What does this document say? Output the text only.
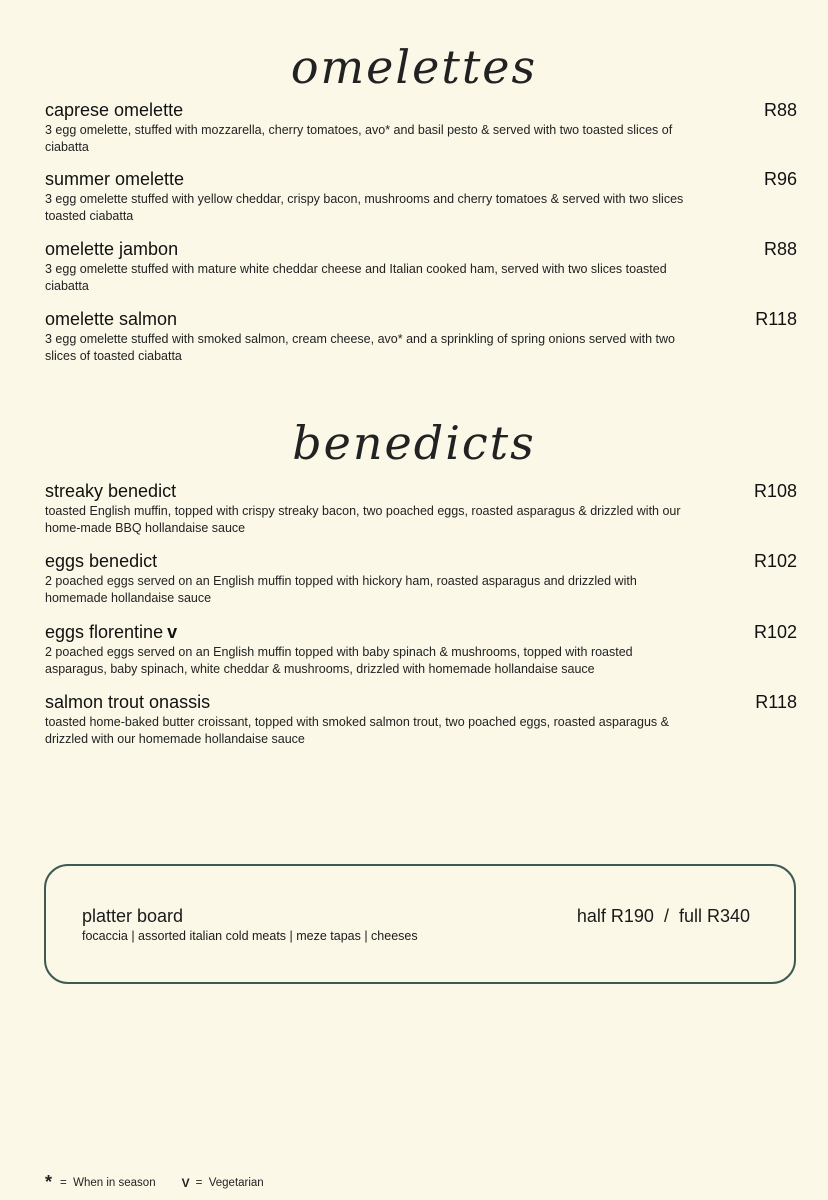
omelettes
caprese omelette	R88
3 egg omelette, stuffed with mozzarella, cherry tomatoes, avo* and basil pesto & served with two toasted slices of ciabatta
summer omelette	R96
3 egg omelette stuffed with yellow cheddar, crispy bacon, mushrooms and cherry tomatoes & served with two slices toasted ciabatta
omelette jambon	R88
3 egg omelette stuffed with mature white cheddar cheese and Italian cooked ham, served with two slices toasted ciabatta
omelette salmon	R118
3 egg omelette stuffed with smoked salmon, cream cheese, avo* and a sprinkling of spring onions served with two slices of toasted ciabatta
benedicts
streaky benedict	R108
toasted English muffin, topped with crispy streaky bacon, two poached eggs, roasted asparagus & drizzled with our home-made BBQ hollandaise sauce
eggs benedict	R102
2 poached eggs served on an English muffin topped with hickory ham, roasted asparagus and drizzled with homemade hollandaise sauce
eggs florentine v	R102
2 poached eggs served on an English muffin topped with baby spinach & mushrooms, topped with roasted asparagus, baby spinach, white cheddar & mushrooms, drizzled with homemade hollandaise sauce
salmon trout onassis	R118
toasted home-baked butter croissant, topped with smoked salmon trout, two poached eggs, roasted asparagus & drizzled with our homemade hollandaise sauce
platter board	half R190  /  full R340
focaccia | assorted italian cold meats | meze tapas | cheeses
* =  When in season V =  Vegetarian
